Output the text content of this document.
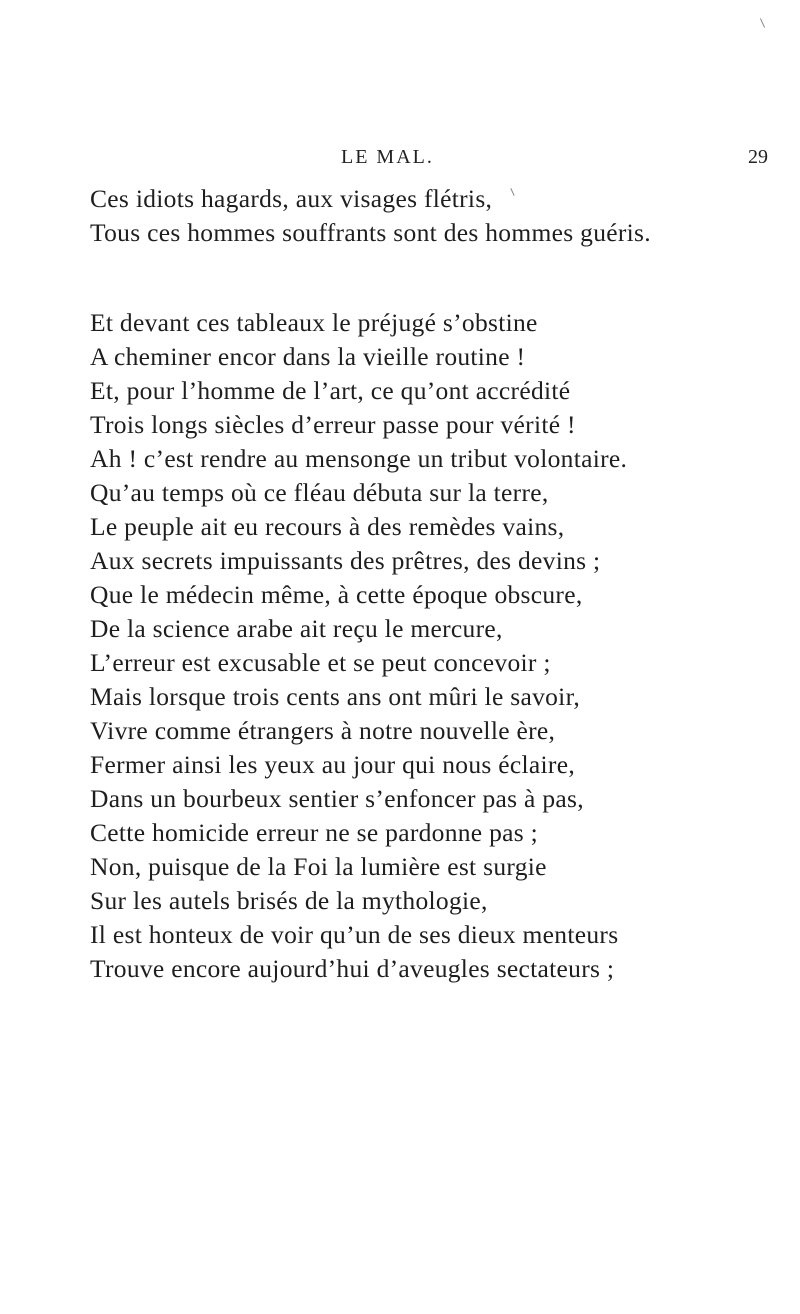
LE MAL.	29
Ces idiots hagards, aux visages flétris,
Tous ces hommes souffrants sont des hommes guéris.
Et devant ces tableaux le préjugé s’obstine
A cheminer encor dans la vieille routine !
Et, pour l’homme de l’art, ce qu’ont accrédité
Trois longs siècles d’erreur passe pour vérité !
Ah ! c’est rendre au mensonge un tribut volontaire.
Qu’au temps où ce fléau débuta sur la terre,
Le peuple ait eu recours à des remèdes vains,
Aux secrets impuissants des prêtres, des devins ;
Que le médecin même, à cette époque obscure,
De la science arabe ait reçu le mercure,
L’erreur est excusable et se peut concevoir ;
Mais lorsque trois cents ans ont mûri le savoir,
Vivre comme étrangers à notre nouvelle ère,
Fermer ainsi les yeux au jour qui nous éclaire,
Dans un bourbeux sentier s’enfoncer pas à pas,
Cette homicide erreur ne se pardonne pas ;
Non, puisque de la Foi la lumière est surgie
Sur les autels brisés de la mythologie,
Il est honteux de voir qu’un de ses dieux menteurs
Trouve encore aujourd’hui d’aveugles sectateurs ;
